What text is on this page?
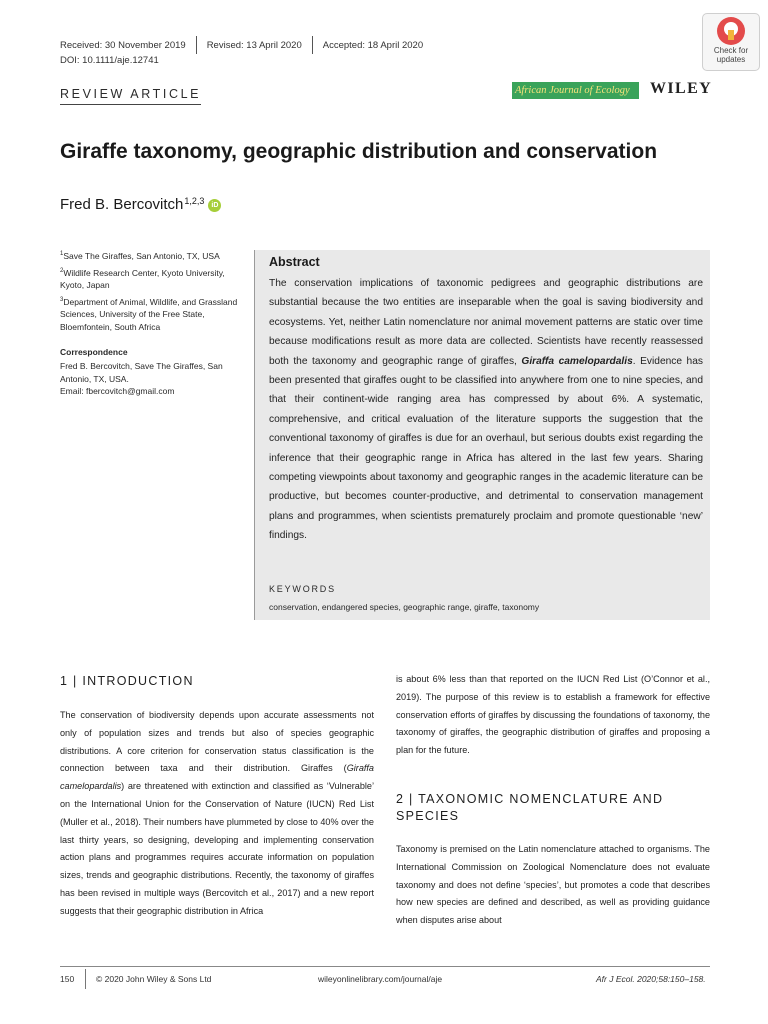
Received: 30 November 2019 Revised: 13 April 2020 Accepted: 18 April 2020
DOI: 10.1111/aje.12741
REVIEW ARTICLE
Check for updates
African Journal of Ecology	WILEY
Giraffe taxonomy, geographic distribution and conservation
Fred B. Bercovitch$^{1,2,3}$	iD
$^1$Save The Giraffes, San Antonio, TX, USA
$^2$Wildlife Research Center, Kyoto University, Kyoto, Japan
$^3$Department of Animal, Wildlife, and Grassland Sciences, University of the Free State, Bloemfontein, South Africa
Correspondence
Fred B. Bercovitch, Save The Giraffes, San Antonio, TX, USA.
Email: fbercovitch@gmail.com
Abstract
The conservation implications of taxonomic pedigrees and geographic distributions are substantial because the two entities are inseparable when the goal is saving biodiversity and ecosystems. Yet, neither Latin nomenclature nor animal movement patterns are static over time because modifications result as more data are collected. Scientists have recently reassessed both the taxonomy and geographic range of giraffes, Giraffa camelopardalis. Evidence has been presented that giraffes ought to be classified into anywhere from one to nine species, and that their continent-wide ranging area has compressed by about 6%. A systematic, comprehensive, and critical evaluation of the literature supports the suggestion that the conventional taxonomy of giraffes is due for an overhaul, but serious doubts exist regarding the inference that their geographic range in Africa has altered in the last few years. Sharing competing viewpoints about taxonomy and geographic ranges in the academic literature can be productive, but becomes counter-productive, and detrimental to conservation management plans and programmes, when scientists prematurely proclaim and promote questionable ‘new’ findings.
KEYWORDS
conservation, endangered species, geographic range, giraffe, taxonomy
1 | INTRODUCTION
The conservation of biodiversity depends upon accurate assessments not only of population sizes and trends but also of species geographic distributions. A core criterion for conservation status classification is the connection between taxa and their distribution. Giraffes (Giraffa camelopardalis) are threatened with extinction and classified as ‘Vulnerable’ on the International Union for the Conservation of Nature (IUCN) Red List (Muller et al., 2018). Their numbers have plummeted by close to 40% over the last thirty years, so designing, developing and implementing conservation action plans and programmes requires accurate information on population sizes, trends and geographic distributions. Recently, the taxonomy of giraffes has been revised in multiple ways (Bercovitch et al., 2017) and a new report suggests that their geographic distribution in Africa
is about 6% less than that reported on the IUCN Red List (O’Connor et al., 2019). The purpose of this review is to establish a framework for effective conservation efforts of giraffes by discussing the foundations of taxonomy, the taxonomy of giraffes, the geographic distribution of giraffes and proposing a plan for the future.
2 | TAXONOMIC NOMENCLATURE AND SPECIES
Taxonomy is premised on the Latin nomenclature attached to organisms. The International Commission on Zoological Nomenclature does not evaluate taxonomy and does not define ‘species’, but promotes a code that describes how new species are defined and described, as well as providing guidance when disputes arise about
150	© 2020 John Wiley & Sons Ltd	wileyonlinelibrary.com/journal/aje	Afr J Ecol. 2020;58:150–158.
